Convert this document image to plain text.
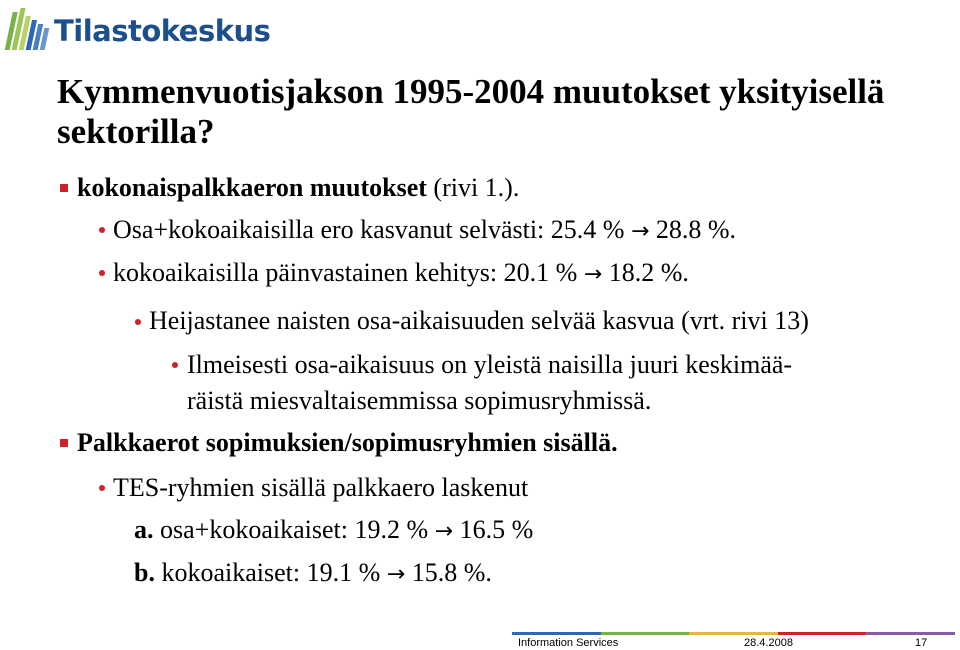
Tilastokeskus
Kymmenvuotisjakson 1995-2004 muutokset yksityisellä sektorilla?
kokonaispalkkaeron muutokset (rivi 1.).
Osa+kokoaikaisilla ero kasvanut selvästi: 25.4 % → 28.8 %.
kokoaikaisilla päinvastainen kehitys: 20.1 % → 18.2 %.
Heijastanee naisten osa-aikaisuuden selvää kasvua (vrt. rivi 13)
Ilmeisesti osa-aikaisuus on yleistä naisilla juuri keskimää-
räistä miesvaltaisemmissa sopimusryhmissä.
Palkkaerot sopimuksien/sopimusryhmien sisällä.
TES-ryhmien sisällä palkkaero laskenut
a. osa+kokoaikaiset: 19.2 % → 16.5 %
b. kokoaikaiset: 19.1 % → 15.8 %.
Information Services	28.4.2008	17
